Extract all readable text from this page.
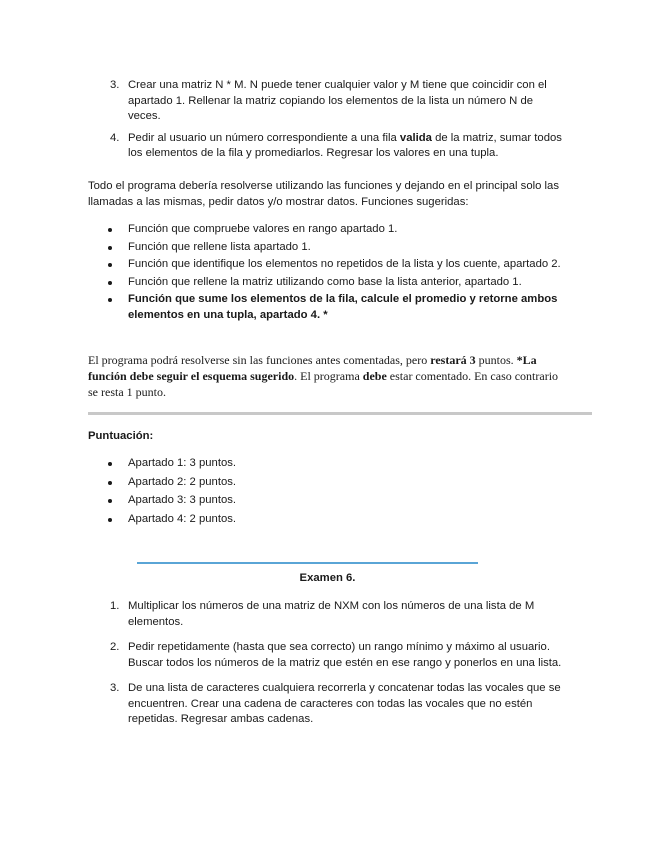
3. Crear una matriz N * M. N puede tener cualquier valor y M tiene que coincidir con el apartado 1. Rellenar la matriz copiando los elementos de la lista un número N de veces.
4. Pedir al usuario un número correspondiente a una fila valida de la matriz, sumar todos los elementos de la fila y promediarlos. Regresar los valores en una tupla.

Todo el programa debería resolverse utilizando las funciones y dejando en el principal solo las llamadas a las mismas, pedir datos y/o mostrar datos. Funciones sugeridas:

Función que compruebe valores en rango apartado 1.
Función que rellene lista apartado 1.
Función que identifique los elementos no repetidos de la lista y los cuente, apartado 2.
Función que rellene la matriz utilizando como base la lista anterior, apartado 1.
Función que sume los elementos de la fila, calcule el promedio y retorne ambos elementos en una tupla, apartado 4. *

El programa podrá resolverse sin las funciones antes comentadas, pero restará 3 puntos. *La función debe seguir el esquema sugerido. El programa debe estar comentado. En caso contrario se resta 1 punto.

Puntuación:
Apartado 1: 3 puntos.
Apartado 2: 2 puntos.
Apartado 3: 3 puntos.
Apartado 4: 2 puntos.
Examen 6.
1. Multiplicar los números de una matriz de NXM con los números de una lista de M elementos.
2. Pedir repetidamente (hasta que sea correcto) un rango mínimo y máximo al usuario. Buscar todos los números de la matriz que estén en ese rango y ponerlos en una lista.
3. De una lista de caracteres cualquiera recorrerla y concatenar todas las vocales que se encuentren. Crear una cadena de caracteres con todas las vocales que no estén repetidas. Regresar ambas cadenas.
